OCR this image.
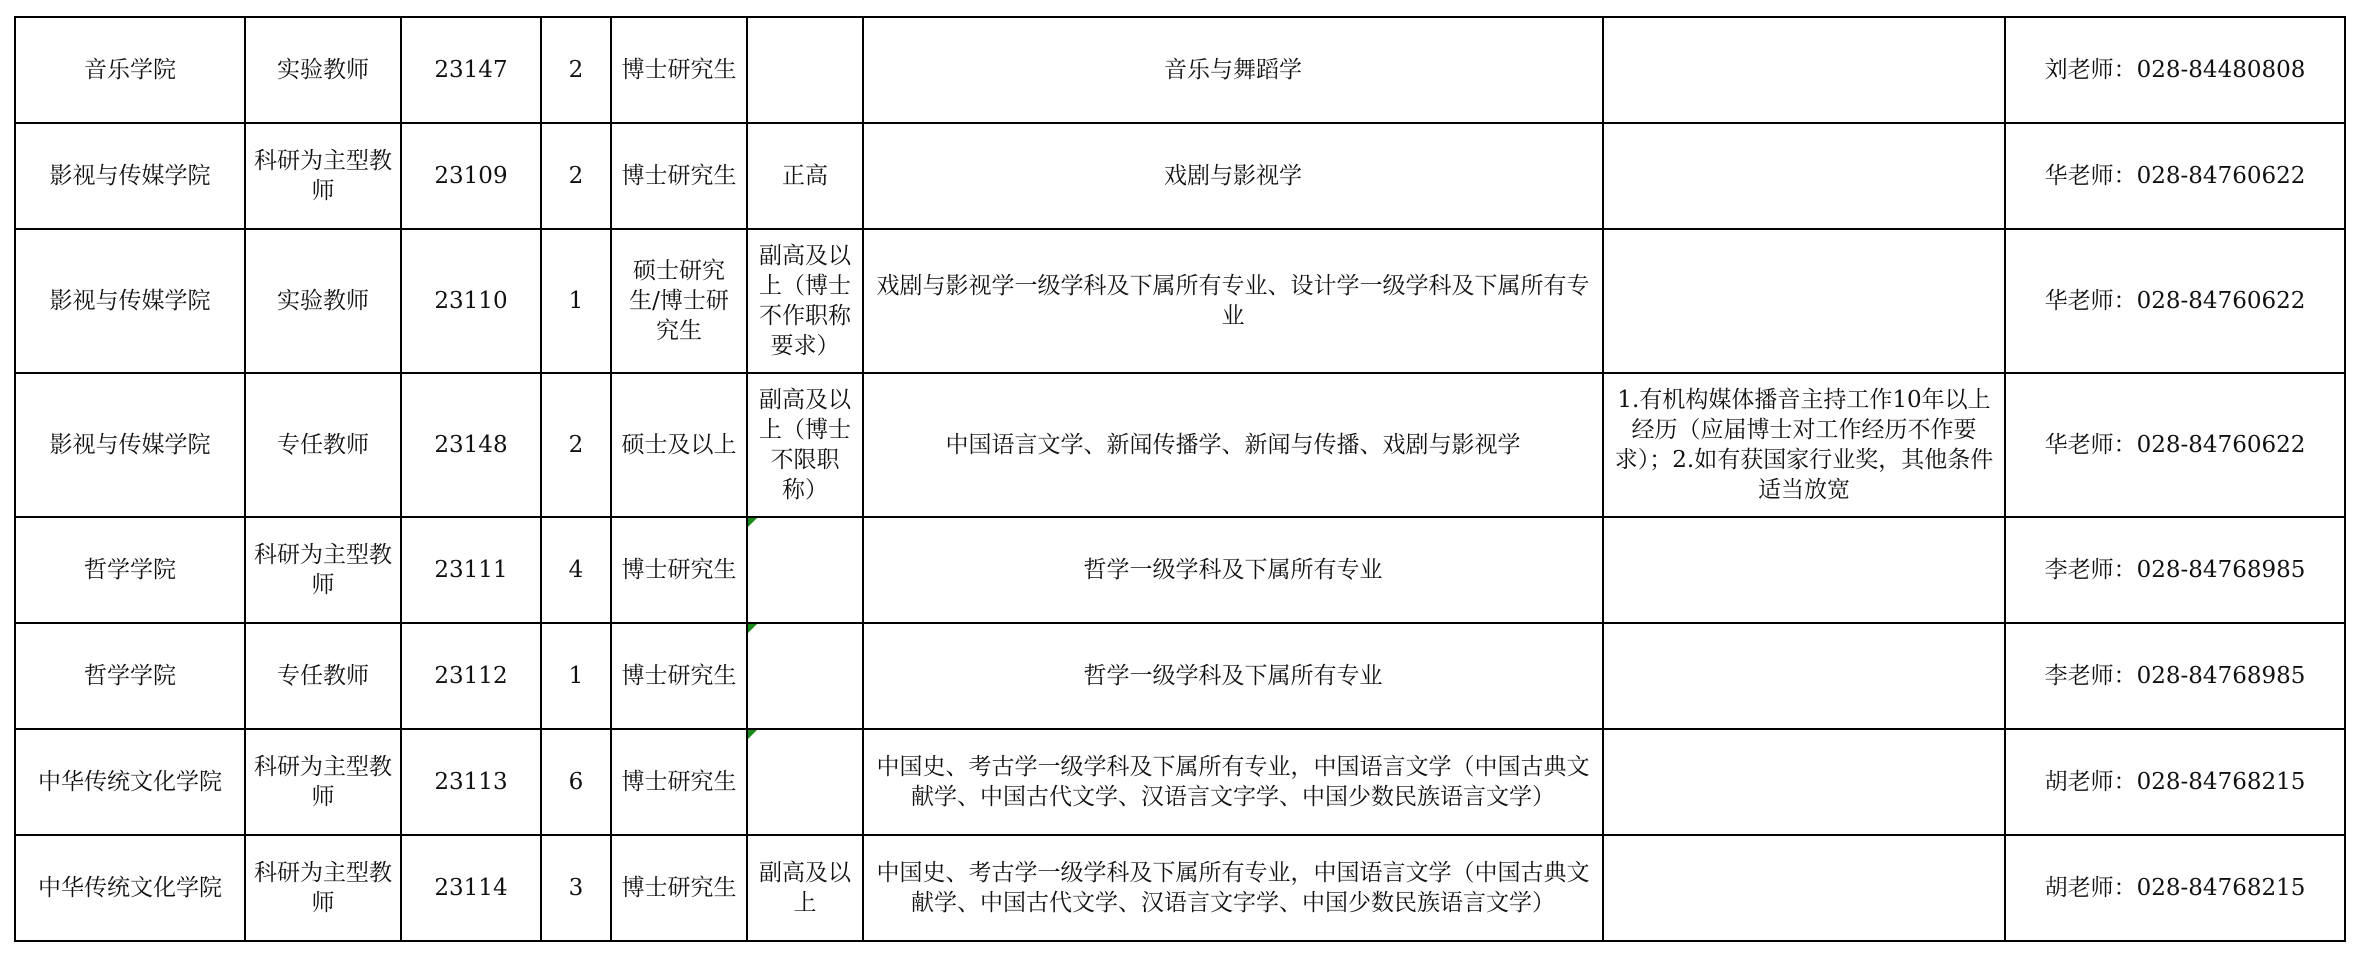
音乐学院	实验教师	23147	2	博士研究生		音乐与舞蹈学		刘老师：028-84480808
影视与传媒学院	科研为主型教师	23109	2	博士研究生	正高	戏剧与影视学		华老师：028-84760622
影视与传媒学院	实验教师	23110	1	硕士研究生/博士研究生	副高及以上（博士不作职称要求）	戏剧与影视学一级学科及下属所有专业、设计学一级学科及下属所有专业		华老师：028-84760622
影视与传媒学院	专任教师	23148	2	硕士及以上	副高及以上（博士不限职称）	中国语言文学、新闻传播学、新闻与传播、戏剧与影视学	1.有机构媒体播音主持工作10年以上经历（应届博士对工作经历不作要求）；2.如有获国家行业奖，其他条件适当放宽	华老师：028-84760622
哲学学院	科研为主型教师	23111	4	博士研究生		哲学一级学科及下属所有专业		李老师：028-84768985
哲学学院	专任教师	23112	1	博士研究生		哲学一级学科及下属所有专业		李老师：028-84768985
中华传统文化学院	科研为主型教师	23113	6	博士研究生		中国史、考古学一级学科及下属所有专业，中国语言文学（中国古典文献学、中国古代文学、汉语言文字学、中国少数民族语言文学）		胡老师：028-84768215
中华传统文化学院	科研为主型教师	23114	3	博士研究生	副高及以上	中国史、考古学一级学科及下属所有专业，中国语言文学（中国古典文献学、中国古代文学、汉语言文字学、中国少数民族语言文学）		胡老师：028-84768215
